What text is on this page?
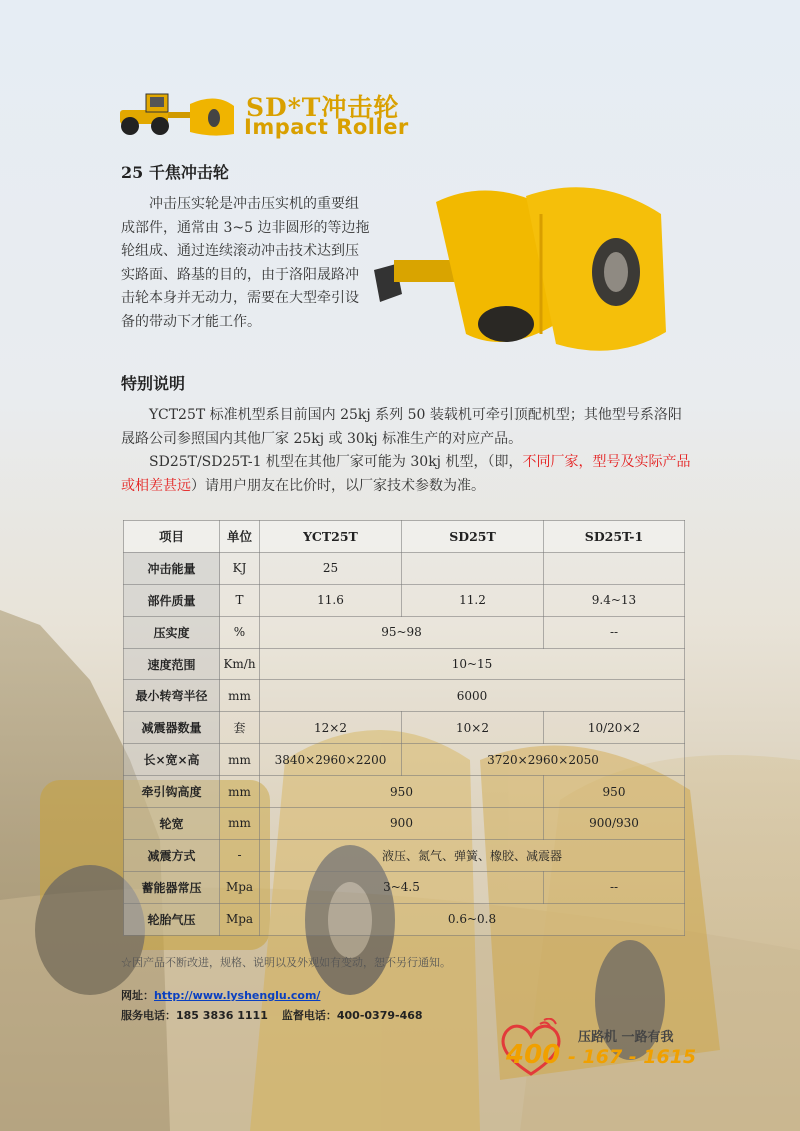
SD*T冲击轮
Impact Roller
25 千焦冲击轮
冲击压实轮是冲击压实机的重要组成部件，通常由 3~5 边非圆形的等边拖轮组成、通过连续滚动冲击技术达到压实路面、路基的目的，由于洛阳晟路冲击轮本身并无动力，需要在大型牵引设备的带动下才能工作。
特别说明

YCT25T 标准机型系目前国内 25kj 系列 50 装载机可牵引顶配机型；其他型号系洛阳晟路公司参照国内其他厂家 25kj 或 30kj 标准生产的对应产品。

SD25T/SD25T-1 机型在其他厂家可能为 30kj 机型，（即，不同厂家，型号及实际产品或相差甚远）请用户朋友在比价时，以厂家技术参数为准。

项目	单位	YCT25T	SD25T	SD25T-1
冲击能量	KJ	25		
部件质量	T	11.6	11.2	9.4~13
压实度	%	95~98		--
速度范围	Km/h	10~15		
最小转弯半径	mm	6000		
减震器数量	套	12×2	10×2	10/20×2
长×宽×高	mm	3840×2960×2200	3720×2960×2050	
牵引钩高度	mm	950		950
轮宽	mm	900		900/930
减震方式	-	液压、氮气、弹簧、橡胶、减震器		
蓄能器常压	Mpa	3~4.5		--
轮胎气压	Mpa	0.6~0.8		
☆因产品不断改进，规格、说明以及外观如有变动，恕不另行通知。
网址：http://www.lyshenglu.com/
服务电话：185 3836 1111 监督电话：400-0379-468
压路机 一路有我
400 - 167 - 1615
